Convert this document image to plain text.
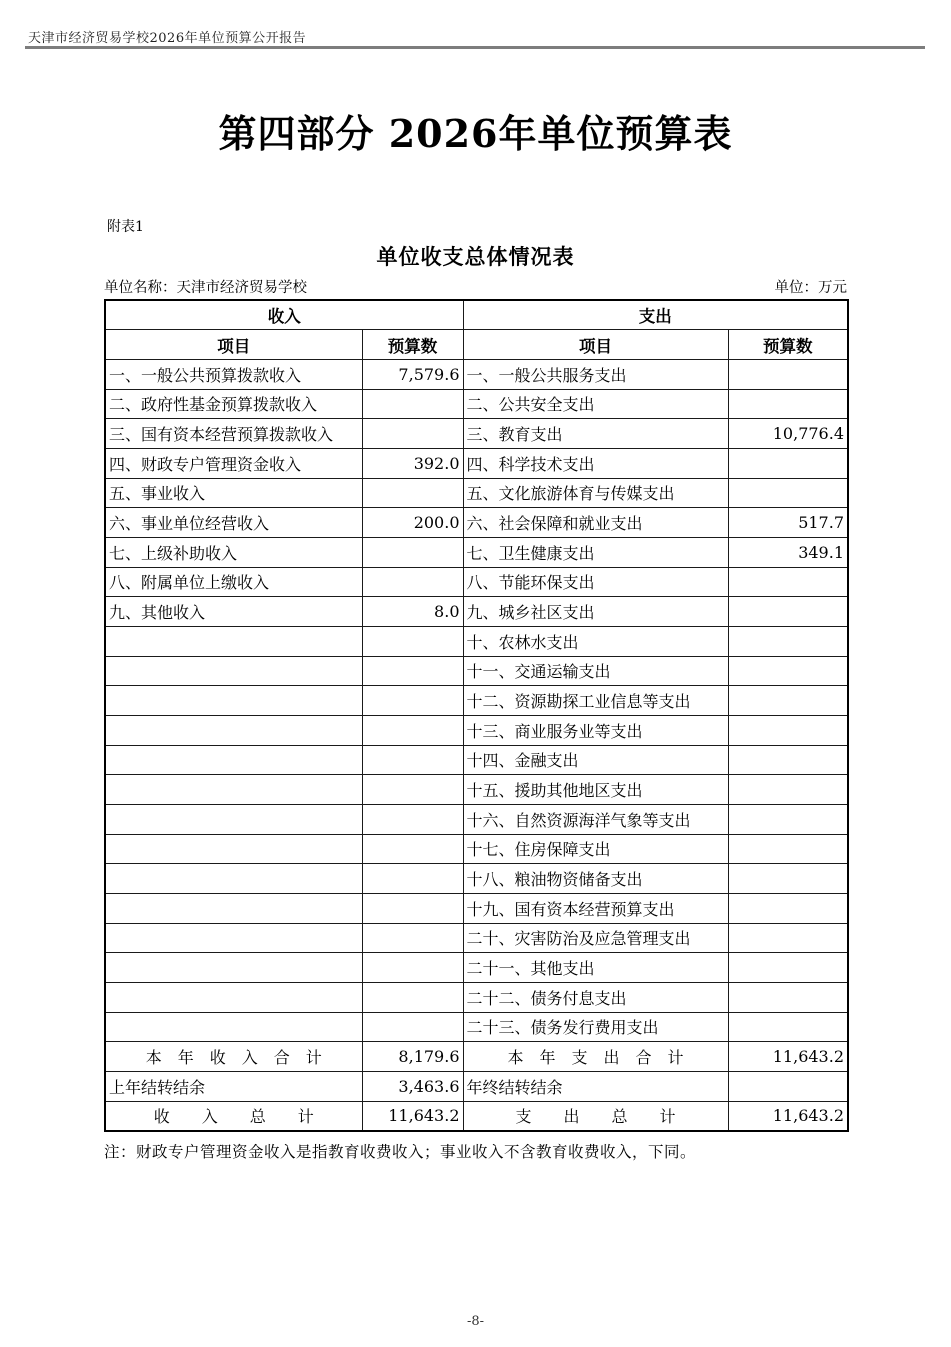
天津市经济贸易学校2026年单位预算公开报告
第四部分 2026年单位预算表
附表1
单位收支总体情况表
单位名称：天津市经济贸易学校	单位：万元
收入		支出	
项目	预算数	项目	预算数
一、一般公共预算拨款收入	7,579.6	一、一般公共服务支出	
二、政府性基金预算拨款收入		二、公共安全支出	
三、国有资本经营预算拨款收入		三、教育支出	10,776.4
四、财政专户管理资金收入	392.0	四、科学技术支出	
五、事业收入		五、文化旅游体育与传媒支出	
六、事业单位经营收入	200.0	六、社会保障和就业支出	517.7
七、上级补助收入		七、卫生健康支出	349.1
八、附属单位上缴收入		八、节能环保支出	
九、其他收入	8.0	九、城乡社区支出	
		十、农林水支出	
		十一、交通运输支出	
		十二、资源勘探工业信息等支出	
		十三、商业服务业等支出	
		十四、金融支出	
		十五、援助其他地区支出	
		十六、自然资源海洋气象等支出	
		十七、住房保障支出	
		十八、粮油物资储备支出	
		十九、国有资本经营预算支出	
		二十、灾害防治及应急管理支出	
		二十一、其他支出	
		二十二、债务付息支出	
		二十三、债务发行费用支出	
本　年　收　入　合　计	8,179.6	本　年　支　出　合　计	11,643.2
上年结转结余	3,463.6	年终结转结余	
收　　入　　总　　计	11,643.2	支　　出　　总　　计	11,643.2
注：财政专户管理资金收入是指教育收费收入；事业收入不含教育收费收入，下同。
-8-
